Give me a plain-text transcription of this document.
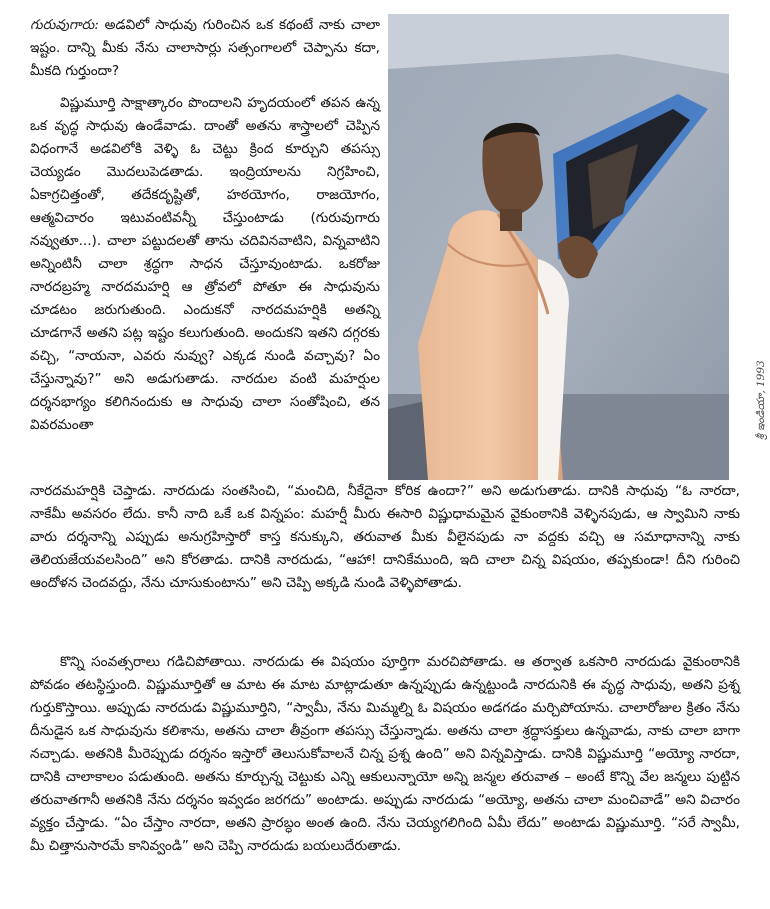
గురువుగారు: అడవిలో సాధువు గురించిన ఒక కథంటే నాకు చాలా ఇష్టం. దాన్ని మీకు నేను చాలాసార్లు సత్సంగాలలో చెప్పాను కదా, మీకది గుర్తుందా?

విష్ణుమూర్తి సాక్షాత్కారం పొందాలని హృదయంలో తపన ఉన్న ఒక వృద్ధ సాధువు ఉండేవాడు. దాంతో అతను శాస్త్రాలలో చెప్పిన విధంగానే అడవిలోకి వెళ్ళి ఓ చెట్టు క్రింద కూర్చుని తపస్సు చెయ్యడం మొదలుపెడతాడు. ఇంద్రియాలను నిగ్రహించి, ఏకాగ్రచిత్తంతో, తదేకదృష్టితో, హఠయోగం, రాజయోగం, ఆత్మవిచారం ఇటువంటివన్నీ చేస్తుంటాడు (గురువుగారు నవ్వుతూ...). చాలా పట్టుదలతో తాను చదివినవాటిని, విన్నవాటిని అన్నింటినీ చాలా శ్రద్ధగా సాధన చేస్తూవుంటాడు. ఒకరోజు నారదబ్రహ్మ నారదమహర్షి ఆ త్రోవలో పోతూ ఈ సాధువును చూడటం జరుగుతుంది. ఎందుకనో నారదమహర్షికి అతన్ని చూడగానే అతని పట్ల ఇష్టం కలుగుతుంది. అందుకని ఇతని దగ్గరకు వచ్చి, “నాయనా, ఎవరు నువ్వు? ఎక్కడ నుండి వచ్చావు? ఏం చేస్తున్నావు?” అని అడుగుతాడు. నారదుల వంటి మహర్షుల దర్శనభాగ్యం కలిగినందుకు ఆ సాధువు చాలా సంతోషించి, తన వివరమంతా	శ్రీ ఇండియా, 1993

నారదమహర్షికి చెప్తాడు. నారదుడు సంతసించి, “మంచిది, నీకేదైనా కోరిక ఉందా?” అని అడుగుతాడు. దానికి సాధువు “ఓ నారదా, నాకేమీ అవసరం లేదు. కానీ నాది ఒకే ఒక విన్నపం: మహర్షీ మీరు ఈసారి విష్ణుధామమైన వైకుంఠానికి వెళ్ళినపుడు, ఆ స్వామిని నాకు వారు దర్శనాన్ని ఎప్పుడు అనుగ్రహిస్తారో కాస్త కనుక్కుని, తరువాత మీకు వీలైనపుడు నా వద్దకు వచ్చి ఆ సమాధానాన్ని నాకు తెలియజేయవలసింది” అని కోరతాడు. దానికి నారదుడు, “ఆహా! దానికేముంది, ఇది చాలా చిన్న విషయం, తప్పకుండా! దీని గురించి ఆందోళన చెందవద్దు, నేను చూసుకుంటాను” అని చెప్పి అక్కడి నుండి వెళ్ళిపోతాడు.

కొన్ని సంవత్సరాలు గడిచిపోతాయి. నారదుడు ఈ విషయం పూర్తిగా మరచిపోతాడు. ఆ తర్వాత ఒకసారి నారదుడు వైకుంఠానికి పోవడం తటస్థిస్తుంది. విష్ణుమూర్తితో ఆ మాట ఈ మాట మాట్లాడుతూ ఉన్నప్పుడు ఉన్నట్టుండి నారదునికి ఈ వృద్ధ సాధువు, అతని ప్రశ్న గుర్తుకొస్తాయి. అప్పుడు నారదుడు విష్ణుమూర్తిని, “స్వామీ, నేను మిమ్మల్ని ఓ విషయం అడగడం మర్చిపోయాను. చాలారోజుల క్రితం నేను దీనుడైన ఒక సాధువును కలిశాను, అతను చాలా తీవ్రంగా తపస్సు చేస్తున్నాడు. అతను చాలా శ్రద్ధాసక్తులు ఉన్నవాడు, నాకు చాలా బాగా నచ్చాడు. అతనికి మీరెప్పుడు దర్శనం ఇస్తారో తెలుసుకోవాలనే చిన్న ప్రశ్న ఉంది” అని విన్నవిస్తాడు. దానికి విష్ణుమూర్తి “అయ్యో నారదా, దానికి చాలాకాలం పడుతుంది. అతను కూర్చున్న చెట్టుకు ఎన్ని ఆకులున్నాయో అన్ని జన్మల తరువాత – అంటే కొన్ని వేల జన్మలు పుట్టిన తరువాతగానీ అతనికి నేను దర్శనం ఇవ్వడం జరగదు” అంటాడు. అప్పుడు నారదుడు “అయ్యో, అతను చాలా మంచివాడే” అని విచారం వ్యక్తం చేస్తాడు. “ఏం చేస్తాం నారదా, అతని ప్రారబ్ధం అంత ఉంది. నేను చెయ్యగలిగింది ఏమీ లేదు” అంటాడు విష్ణుమూర్తి. “సరే స్వామీ, మీ చిత్తానుసారమే కానివ్వండి” అని చెప్పి నారదుడు బయలుదేరుతాడు.
